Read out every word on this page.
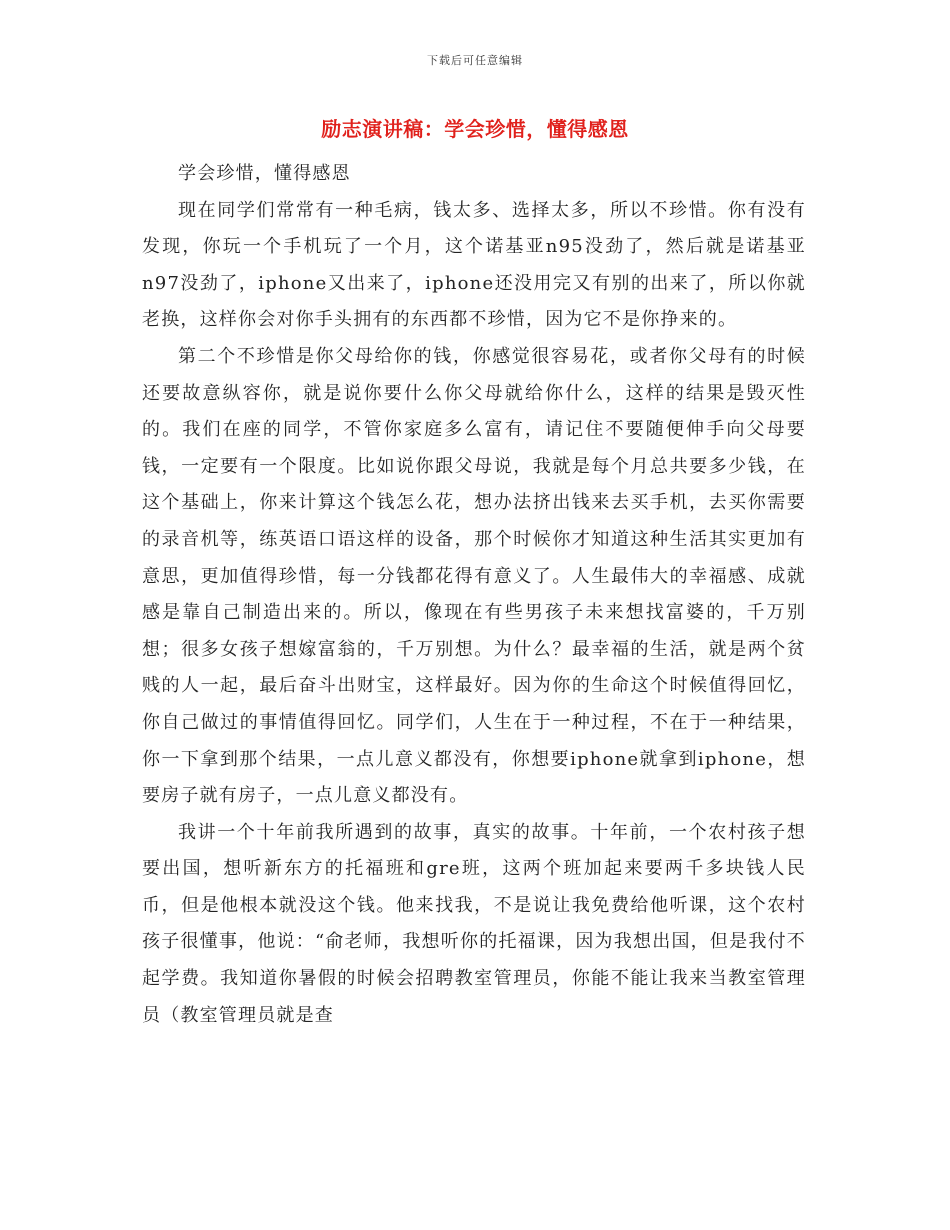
下载后可任意编辑
励志演讲稿：学会珍惜，懂得感恩

学会珍惜，懂得感恩

现在同学们常常有一种毛病，钱太多、选择太多，所以不珍惜。你有没有发现，你玩一个手机玩了一个月，这个诺基亚n95没劲了，然后就是诺基亚n97没劲了，iphone又出来了，iphone还没用完又有别的出来了，所以你就老换，这样你会对你手头拥有的东西都不珍惜，因为它不是你挣来的。

第二个不珍惜是你父母给你的钱，你感觉很容易花，或者你父母有的时候还要故意纵容你，就是说你要什么你父母就给你什么，这样的结果是毁灭性的。我们在座的同学，不管你家庭多么富有，请记住不要随便伸手向父母要钱，一定要有一个限度。比如说你跟父母说，我就是每个月总共要多少钱，在这个基础上，你来计算这个钱怎么花，想办法挤出钱来去买手机，去买你需要的录音机等，练英语口语这样的设备，那个时候你才知道这种生活其实更加有意思，更加值得珍惜，每一分钱都花得有意义了。人生最伟大的幸福感、成就感是靠自己制造出来的。所以，像现在有些男孩子未来想找富婆的，千万别想；很多女孩子想嫁富翁的，千万别想。为什么？最幸福的生活，就是两个贫贱的人一起，最后奋斗出财宝，这样最好。因为你的生命这个时候值得回忆，你自己做过的事情值得回忆。同学们，人生在于一种过程，不在于一种结果，你一下拿到那个结果，一点儿意义都没有，你想要iphone就拿到iphone，想要房子就有房子，一点儿意义都没有。

我讲一个十年前我所遇到的故事，真实的故事。十年前，一个农村孩子想要出国，想听新东方的托福班和gre班，这两个班加起来要两千多块钱人民币，但是他根本就没这个钱。他来找我，不是说让我免费给他听课，这个农村孩子很懂事，他说：“俞老师，我想听你的托福课，因为我想出国，但是我付不起学费。我知道你暑假的时候会招聘教室管理员，你能不能让我来当教室管理员（教室管理员就是查
